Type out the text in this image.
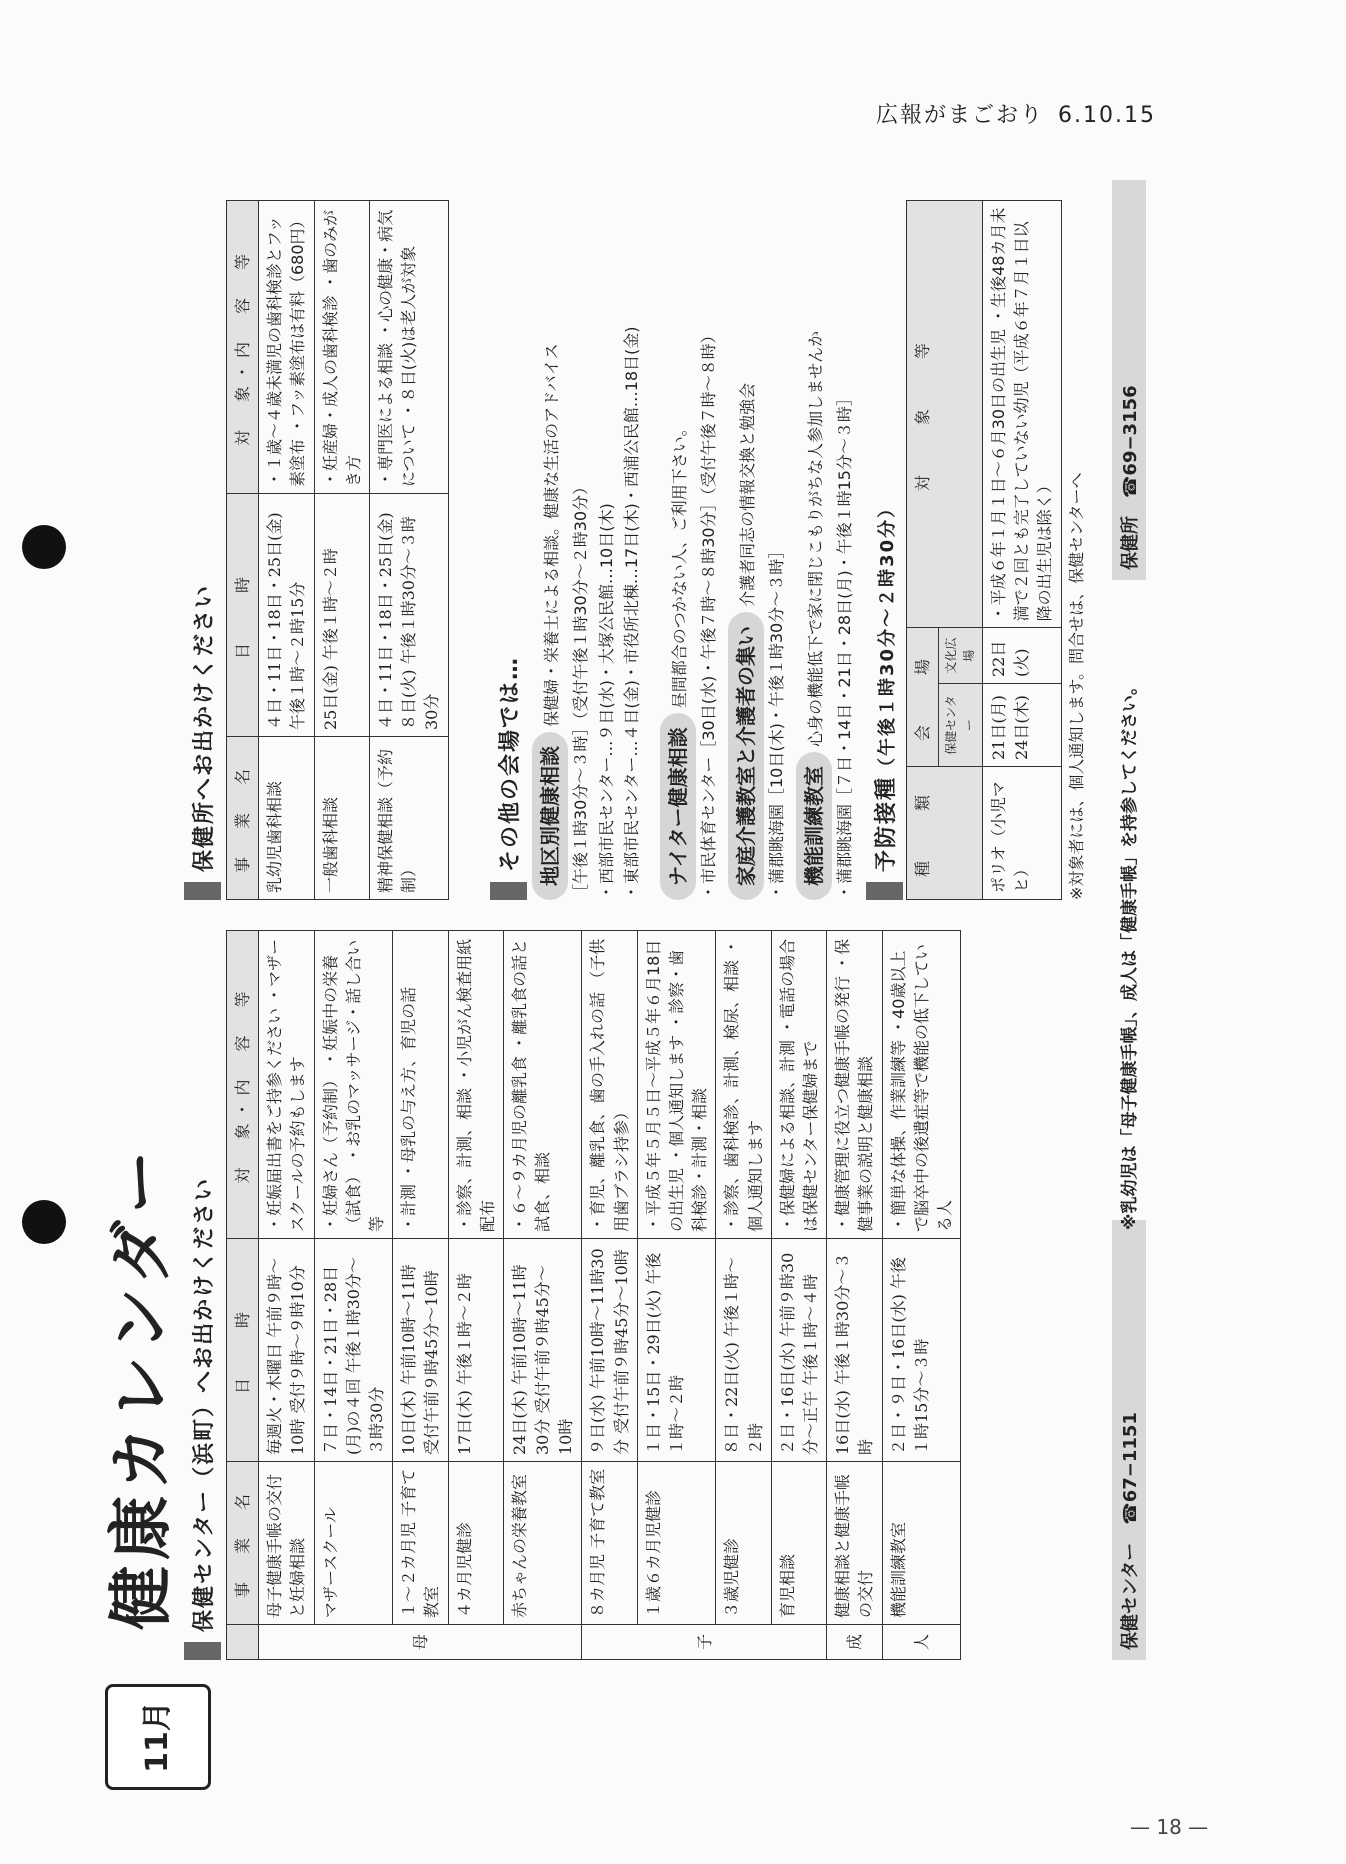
広報がまごおり 6.10.15
— 18 —
11月
健康カレンダー 保健センター（浜町）へお出かけください
	事　業　名	日　　時	対　象・内　容　等
母	母子健康手帳の交付と妊婦相談	毎週火・木曜日 午前９時〜10時 受付９時〜９時10分	・妊娠届出書をご持参ください ・マザースクールの予約もします
	マザースクール	７日・14日・21日・28日 (月)の４回 午後１時30分〜３時30分	・妊婦さん（予約制） ・妊娠中の栄養（試食） ・お乳のマッサージ・話し合い等
	１〜２カ月児 子育て教室	10日(木) 午前10時〜11時 受付午前９時45分〜10時	・計測 ・母乳の与え方、育児の話
	４カ月児健診	17日(木) 午後１時〜２時	・診察、計測、相談 ・小児がん検査用紙配布
	赤ちゃんの栄養教室	24日(木) 午前10時〜11時30分 受付午前９時45分〜10時	・６〜９カ月児の離乳食 ・離乳食の話と試食、相談
子	８カ月児 子育て教室	９日(水) 午前10時〜11時30分 受付午前９時45分〜10時	・育児、離乳食、歯の手入れの話 （子供用歯ブラシ持参）
	１歳６カ月児健診	１日・15日・29日(火) 午後１時〜２時	・平成５年５月５日〜平成５年６月18日の出生児 ・個人通知します ・診察・歯科検診・計測・相談
	３歳児健診	８日・22日(火) 午後１時〜２時	・診察、歯科検診、計測、検尿、相談 ・個人通知します
	育児相談	２日・16日(水) 午前９時30分〜正午 午後１時〜４時	・保健婦による相談、計測 ・電話の場合は保健センター保健婦まで
成	健康相談と健康手帳の交付	16日(水) 午後１時30分〜３時	・健康管理に役立つ健康手帳の発行 ・保健事業の説明と健康相談
人	機能訓練教室	２日・９日・16日(水) 午後１時15分〜３時	・簡単な体操、作業訓練等 ・40歳以上で脳卒中の後遺症等で機能の低下している人
保健センター　☎67−1151
※乳幼児は「母子健康手帳」、成人は「健康手帳」を持参してください。
保健所へお出かけください 事　業　名	日　　時	対　象・内　容　等
乳幼児歯科相談	４日・11日・18日・25日(金) 午後１時〜２時15分	・１歳〜４歳未満児の歯科検診とフッ素塗布 ・フッ素塗布は有料（680円）
一般歯科相談	25日(金) 午後１時〜２時	・妊産婦・成人の歯科検診 ・歯のみがき方
精神保健相談（予約制）	４日・11日・18日・25日(金) ８日(火) 午後１時30分〜３時30分	・専門医による相談 ・心の健康・病気について ・８日(火)は老人が対象
その他の会場では… 地区別健康相談 保健婦・栄養士による相談。健康な生活のアドバイス ［午後１時30分〜３時］（受付午後１時30分〜２時30分） ・西部市民センター…９日(水)・大塚公民館…10日(木) ・東部市民センター…４日(金)・市役所北棟…17日(木)・西浦公民館…18日(金)	ナイター健康相談 昼間都合のつかない人、ご利用下さい。 ・市民体育センター［30日(水)・午後７時〜８時30分］（受付午後７時〜８時） 家庭介護教室と介護者の集い 介護者同志の情報交換と勉強会
・蒲郡眺海園［10日(木)・午後１時30分〜３時］ 機能訓練教室 心身の機能低下で家に閉じこもりがちな人参加しませんか ・蒲郡眺海園［７日・14日・21日・28日(月)・午後１時15分〜３時］ 予防接種（午後１時30分〜２時30分）
種　　類	会　　場		対　　象　　等
	保健センター	文化広場	
ポリオ（小児マヒ）	21日(月) 24日(木)	22日(火)	・平成６年１月１日〜６月30日の出生児 ・生後48カ月未満で２回とも完了していない幼児（平成６年７月１日以降の出生児は除く） ※対象者には、個人通知します。問合せは、保健センターへ	保健所　☎69−3156
